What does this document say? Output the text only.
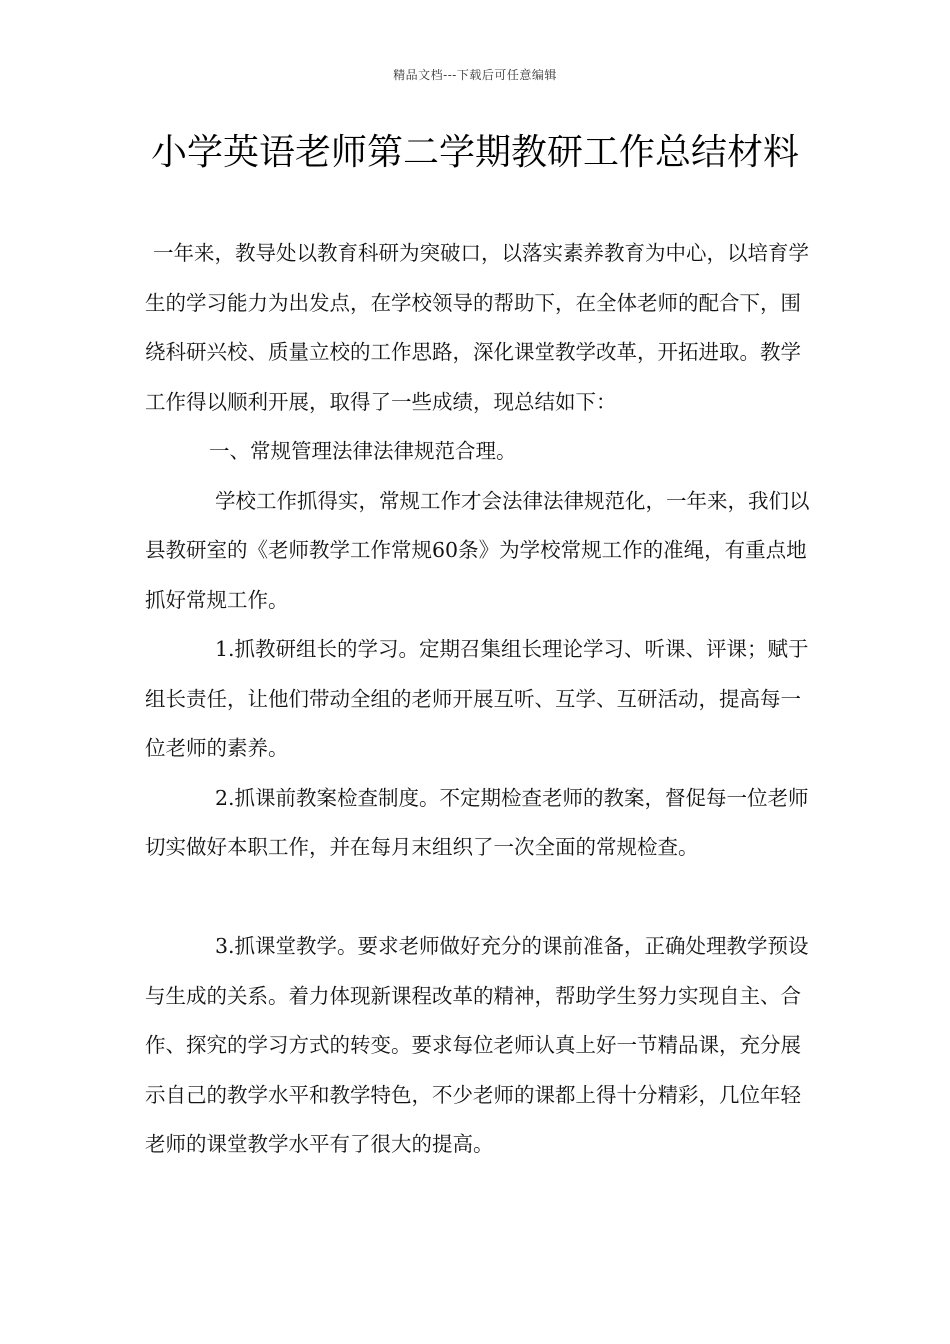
精品文档---下载后可任意编辑
小学英语老师第二学期教研工作总结材料

一年来，教导处以教育科研为突破口，以落实素养教育为中心，以培育学生的学习能力为出发点，在学校领导的帮助下，在全体老师的配合下，围绕科研兴校、质量立校的工作思路，深化课堂教学改革，开拓进取。教学工作得以顺利开展，取得了一些成绩，现总结如下：

一、常规管理法律法律规范合理。

学校工作抓得实，常规工作才会法律法律规范化，一年来，我们以县教研室的《老师教学工作常规60条》为学校常规工作的准绳，有重点地抓好常规工作。

1.抓教研组长的学习。定期召集组长理论学习、听课、评课；赋于组长责任，让他们带动全组的老师开展互听、互学、互研活动，提高每一位老师的素养。

2.抓课前教案检查制度。不定期检查老师的教案，督促每一位老师切实做好本职工作，并在每月末组织了一次全面的常规检查。

3.抓课堂教学。要求老师做好充分的课前准备，正确处理教学预设与生成的关系。着力体现新课程改革的精神，帮助学生努力实现自主、合作、探究的学习方式的转变。要求每位老师认真上好一节精品课，充分展示自己的教学水平和教学特色，不少老师的课都上得十分精彩，几位年轻老师的课堂教学水平有了很大的提高。
